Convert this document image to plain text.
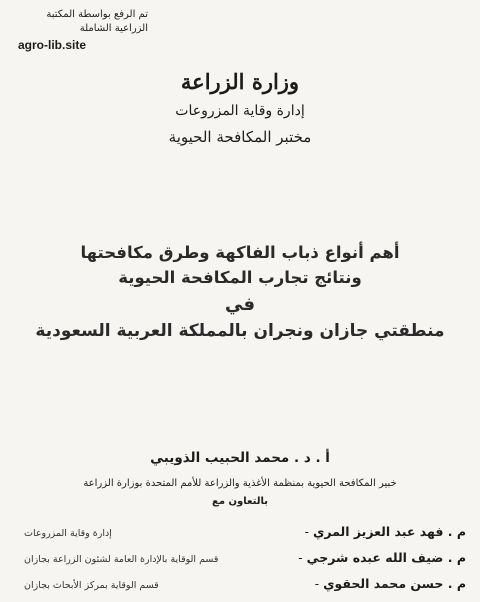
تم الرفع بواسطة المكتبة
الزراعية الشاملة
agro-lib.site
وزارة الزراعة
إدارة وقاية المزروعات
مختبر المكافحة الحيوية
أهم أنواع ذباب الفاكهة وطرق مكافحتها
ونتائج تجارب المكافحة الحيوية
في
منطقتي جازان ونجران بالمملكة العربية السعودية
أ . د . محمد الحبيب الذويبي
خبير المكافحة الحيوية بمنظمة الأغذية والزراعة للأمم المتحدة بوزارة الزراعة
بالتعاون مع
م . فهد عبد العزيز المري
-
إدارة وقاية المزروعات
م . ضيف الله عبده شرجي
-
قسم الوقاية بالإدارة العامة لشئون الزراعة بجازان
م . حسن محمد الحقوي
-
قسم الوقاية بمركز الأبحاث بجازان
